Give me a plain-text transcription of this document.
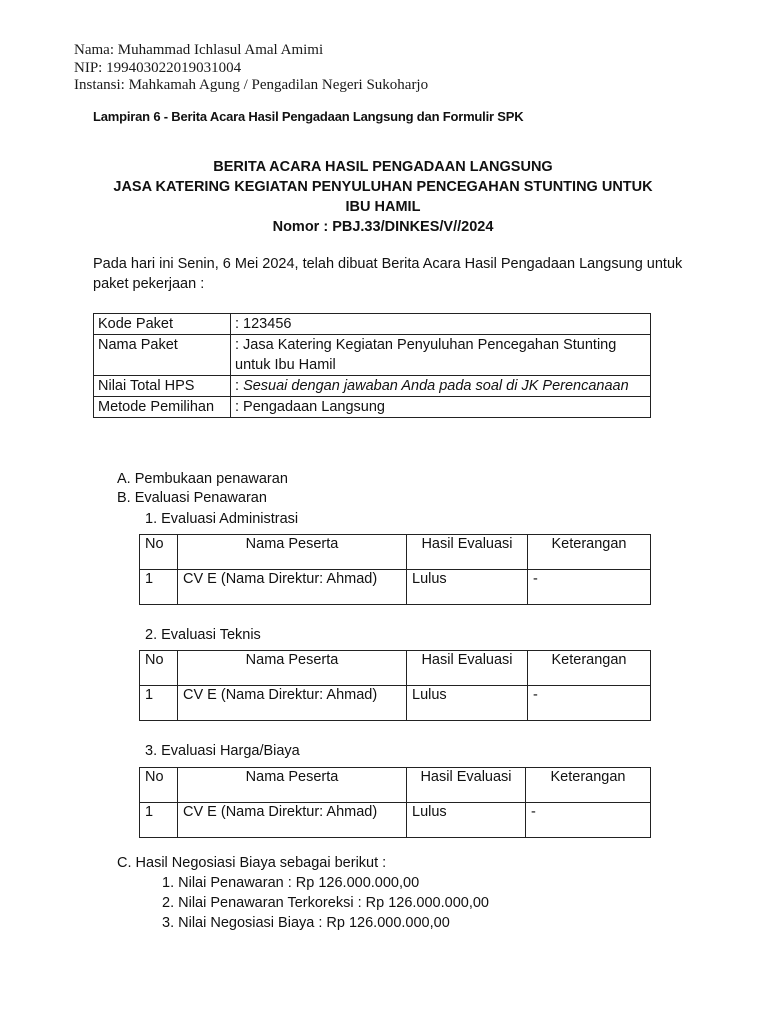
Nama: Muhammad Ichlasul Amal Amimi
NIP: 199403022019031004
Instansi: Mahkamah Agung / Pengadilan Negeri Sukoharjo
Lampiran 6 - Berita Acara Hasil Pengadaan Langsung dan Formulir SPK
BERITA ACARA HASIL PENGADAAN LANGSUNG
JASA KATERING KEGIATAN PENYULUHAN PENCEGAHAN STUNTING UNTUK
IBU HAMIL
Nomor : PBJ.33/DINKES/V//2024
Pada hari ini Senin, 6 Mei 2024, telah dibuat Berita Acara Hasil Pengadaan Langsung untuk paket pekerjaan :
Kode Paket	: 123456
Nama Paket	: Jasa Katering Kegiatan Penyuluhan Pencegahan Stunting untuk Ibu Hamil
Nilai Total HPS	: Sesuai dengan jawaban Anda pada soal di JK Perencanaan
Metode Pemilihan	: Pengadaan Langsung
A. Pembukaan penawaran
B. Evaluasi Penawaran
1. Evaluasi Administrasi
No	Nama Peserta	Hasil Evaluasi	Keterangan
1	CV E (Nama Direktur: Ahmad)	Lulus	-
2. Evaluasi Teknis
No	Nama Peserta	Hasil Evaluasi	Keterangan
1	CV E (Nama Direktur: Ahmad)	Lulus	-
3. Evaluasi Harga/Biaya
No	Nama Peserta	Hasil Evaluasi	Keterangan
1	CV E (Nama Direktur: Ahmad)	Lulus	-
C. Hasil Negosiasi Biaya sebagai berikut :
1. Nilai Penawaran : Rp 126.000.000,00
2. Nilai Penawaran Terkoreksi : Rp 126.000.000,00
3. Nilai Negosiasi Biaya : Rp 126.000.000,00
